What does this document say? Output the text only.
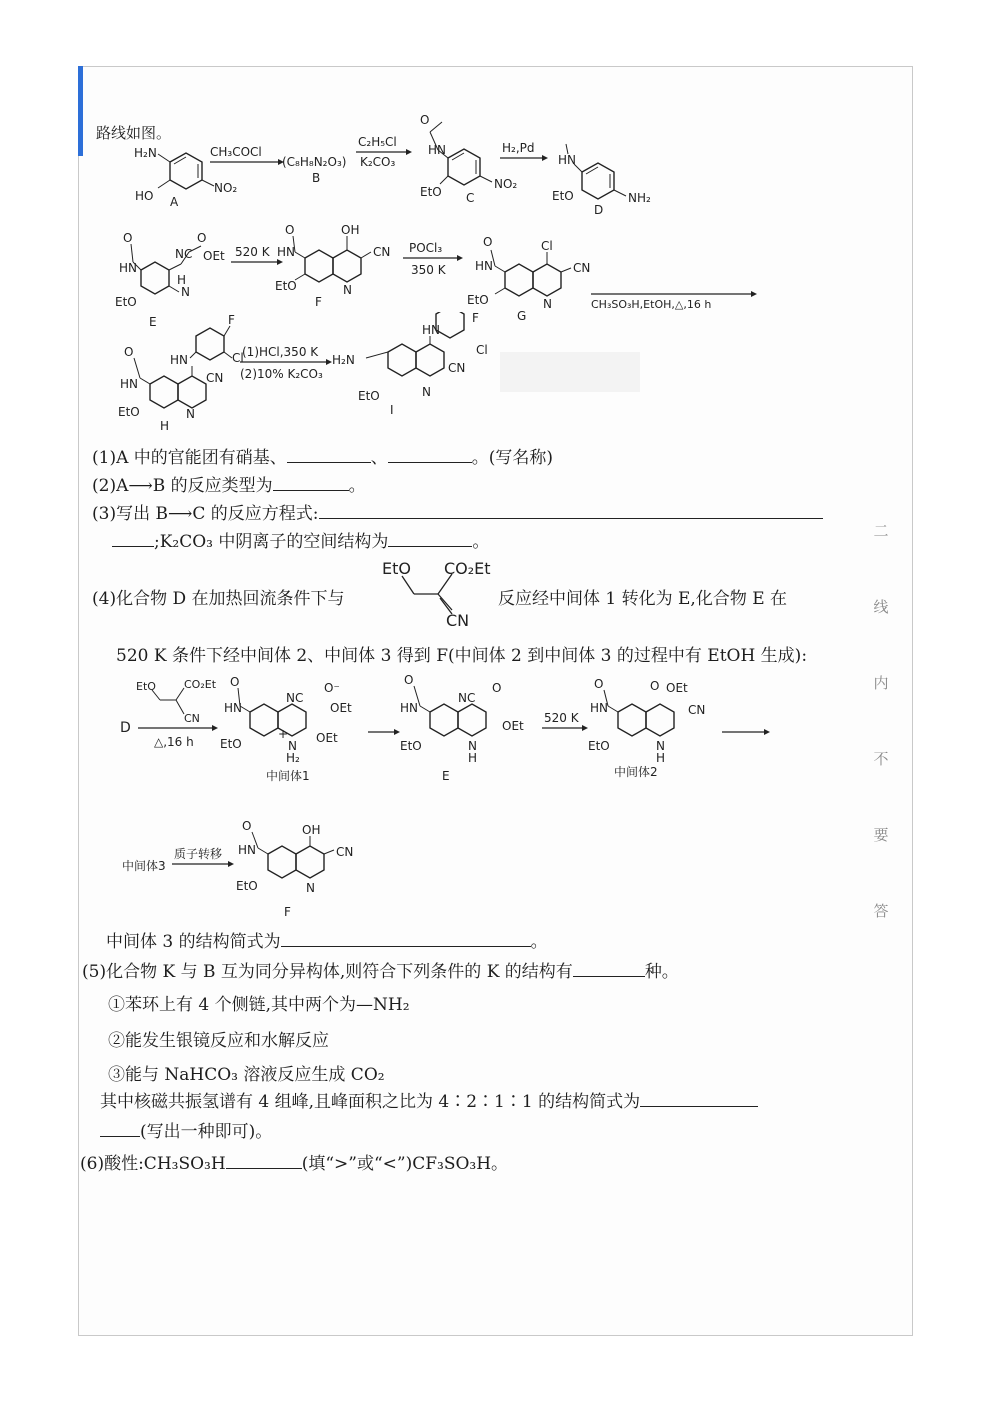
路线如图。
H₂N
HO
NO₂
A
CH₃COCl
(C₈H₈N₂O₃)
B
C₂H₅Cl
K₂CO₃
O
HN
EtO
NO₂
C
H₂,Pd
HN
EtO	NH₂
D
O
HN
EtO
NC
O
OEt
N
H
E
520 K
O
HN
OH
CN
EtO	N
F
POCl₃
350 K
O
HN
Cl
CN
EtO	N
G
CH₃SO₃H,EtOH,△,16 h
O
HN
HN
F
Cl
CN
EtO	N
H
(1)HCl,350 K
(2)10% K₂CO₃
H₂N
HN
F
Cl
CN
EtO	N
I
(1)A 中的官能团有硝基、	、	。(写名称)
(2)A⟶B 的反应类型为	。
(3)写出 B⟶C 的反应方程式:
;K₂CO₃ 中阴离子的空间结构为	。
(4)化合物 D 在加热回流条件下与
EtO CO₂Et
CN
反应经中间体 1 转化为 E,化合物 E 在
520 K 条件下经中间体 2、中间体 3 得到 F(中间体 2 到中间体 3 的过程中有 EtOH 生成):
D
EtO	CO₂Et
CN
△,16 h
O
HN
NC
O⁻
OEt
OEt
EtO	N
H₂
+
中间体1
O
HN
NC
O
OEt
EtO	N
H
E
520 K
O
HN
O OEt
CN
EtO	N
H
中间体2
中间体3
质子转移
O
HN
OH
CN
EtO	N
F
中间体 3 的结构简式为	。
(5)化合物 K 与 B 互为同分异构体,则符合下列条件的 K 的结构有	种。
①苯环上有 4 个侧链,其中两个为—NH₂
②能发生银镜反应和水解反应
③能与 NaHCO₃ 溶液反应生成 CO₂
其中核磁共振氢谱有 4 组峰,且峰面积之比为 4∶2∶1∶1 的结构简式为
(写出一种即可)。
(6)酸性:CH₃SO₃H	(填“>”或“<”)CF₃SO₃H。
二
线
内
不
要
答
